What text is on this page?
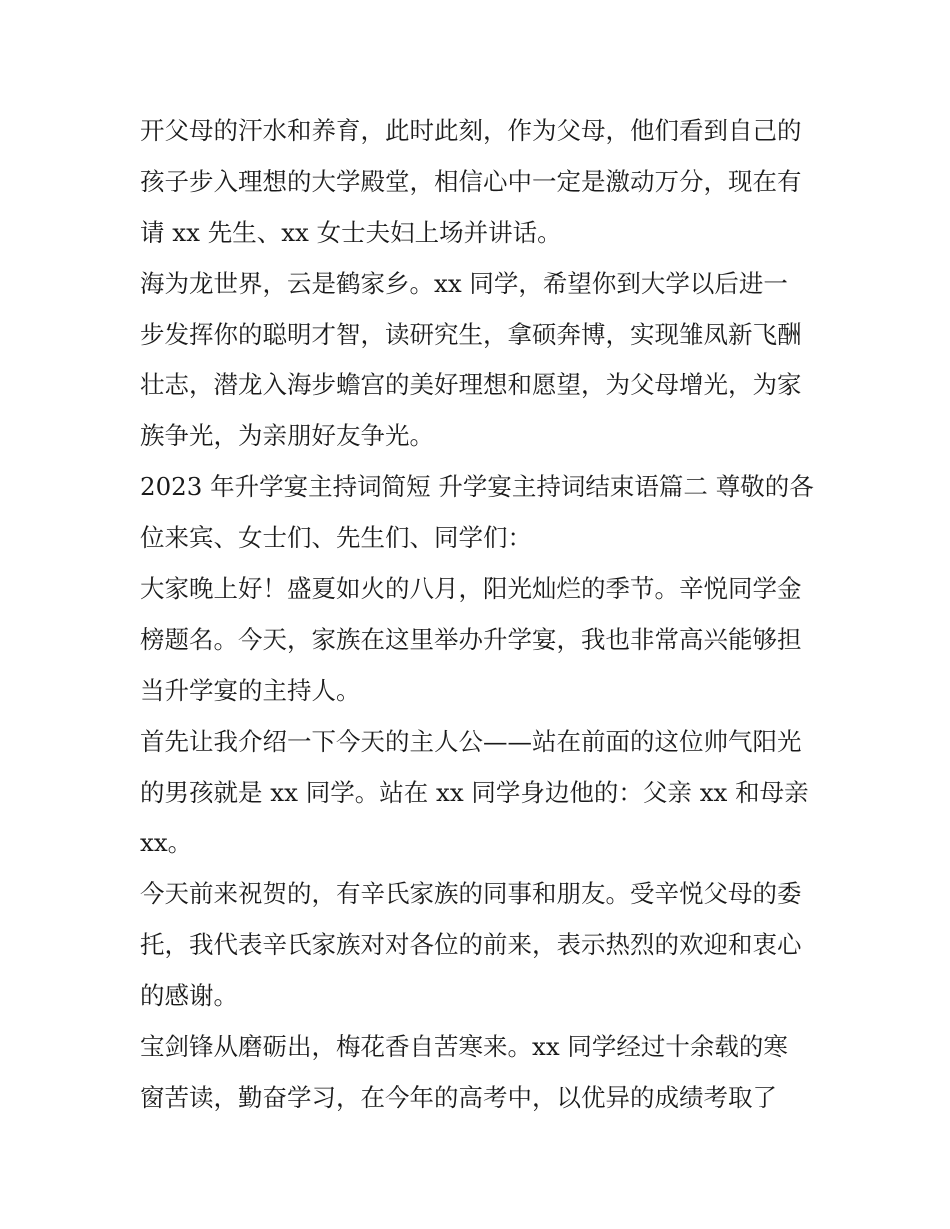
开父母的汗水和养育，此时此刻，作为父母，他们看到自己的
孩子步入理想的大学殿堂，相信心中一定是激动万分，现在有
请 xx 先生、xx 女士夫妇上场并讲话。
海为龙世界，云是鹤家乡。xx 同学，希望你到大学以后进一
步发挥你的聪明才智，读研究生，拿硕奔博，实现雏凤新飞酬
壮志，潜龙入海步蟾宫的美好理想和愿望，为父母增光，为家
族争光，为亲朋好友争光。
2023 年升学宴主持词简短 升学宴主持词结束语篇二 尊敬的各
位来宾、女士们、先生们、同学们：
大家晚上好！盛夏如火的八月，阳光灿烂的季节。辛悦同学金
榜题名。今天，家族在这里举办升学宴，我也非常高兴能够担
当升学宴的主持人。
首先让我介绍一下今天的主人公——站在前面的这位帅气阳光
的男孩就是 xx 同学。站在 xx 同学身边他的：父亲 xx 和母亲
xx。
今天前来祝贺的，有辛氏家族的同事和朋友。受辛悦父母的委
托，我代表辛氏家族对对各位的前来，表示热烈的欢迎和衷心
的感谢。
宝剑锋从磨砺出，梅花香自苦寒来。xx 同学经过十余载的寒
窗苦读，勤奋学习，在今年的高考中，以优异的成绩考取了
